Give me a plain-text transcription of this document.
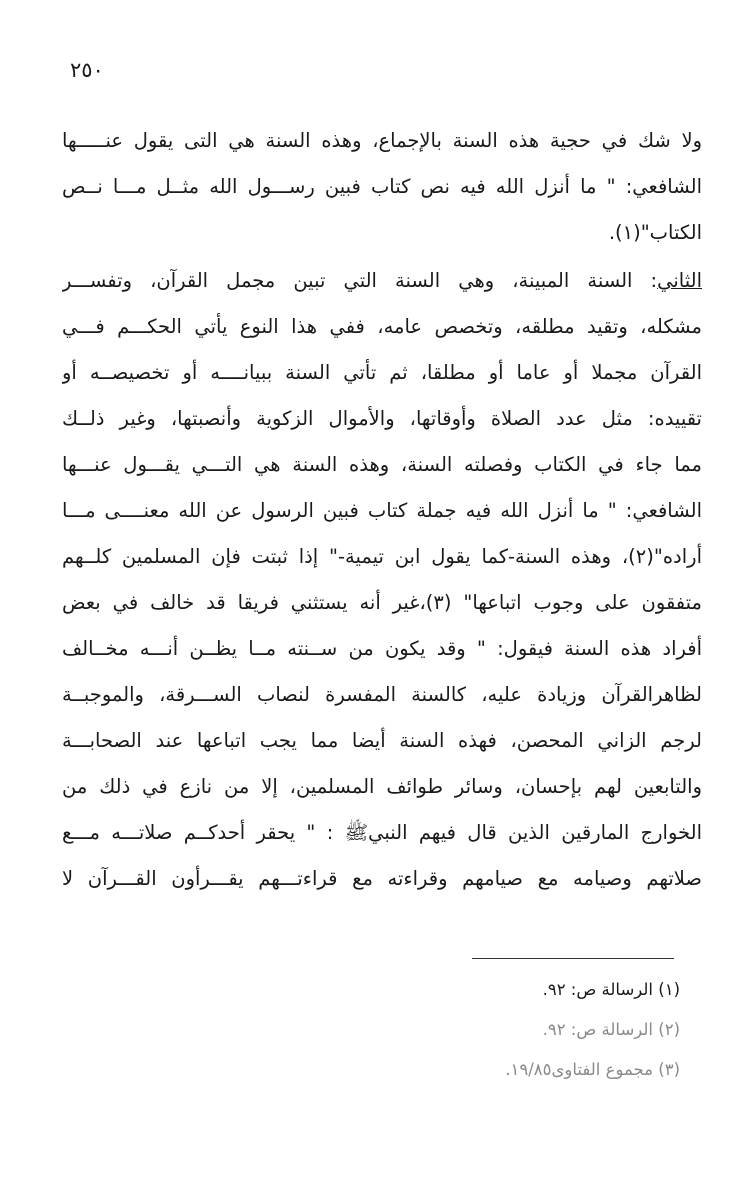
٢٥٠
ولا شك في حجية هذه السنة بالإجماع، وهذه السنة هي التى يقول عنـــــها
الشافعي: " ما أنزل الله فيه نص كتاب فبين رســـول الله مثــل مـــا نــص
الكتاب"(١).
الثاني: السنة المبينة، وهي السنة التي تبين مجمل القرآن، وتفســـر
مشكله، وتقيد مطلقه، وتخصص عامه، ففي هذا النوع يأتي الحكـــم فـــي
القرآن مجملا أو عاما أو مطلقا، ثم تأتي السنة ببيانــــه أو تخصيصــه أو
تقييده: مثل عدد الصلاة وأوقاتها، والأموال الزكوية وأنصبتها، وغير ذلــك
مما جاء في الكتاب وفصلته السنة، وهذه السنة هي التـــي يقـــول عنـــها
الشافعي: " ما أنزل الله فيه جملة كتاب فبين الرسول عن الله معنــــى مـــا
أراده"(٢)، وهذه السنة-كما يقول ابن تيمية-" إذا ثبتت فإن المسلمين كلــهم
متفقون على وجوب اتباعها" (٣)،غير أنه يستثني فريقا قد خالف في بعض
أفراد هذه السنة فيقول: " وقد يكون من ســنته مــا يظــن أنـــه مخــالف
لظاهرالقرآن وزيادة عليه، كالسنة المفسرة لنصاب الســـرقة، والموجبــة
لرجم الزاني المحصن، فهذه السنة أيضا مما يجب اتباعها عند الصحابـــة
والتابعين لهم بإحسان، وسائر طوائف المسلمين، إلا من نازع في ذلك من
الخوارج المارقين الذين قال فيهم النبيﷺ : " يحقر أحدكــم صلاتـــه مـــع
صلاتهم وصيامه مع صيامهم وقراءته مع قراءتـــهم يقـــرأون القـــرآن لا
(١) الرسالة ص: ٩٢.
(٢) الرسالة ص: ٩٢.
(٣) مجموع الفتاوى١٩/٨٥.
